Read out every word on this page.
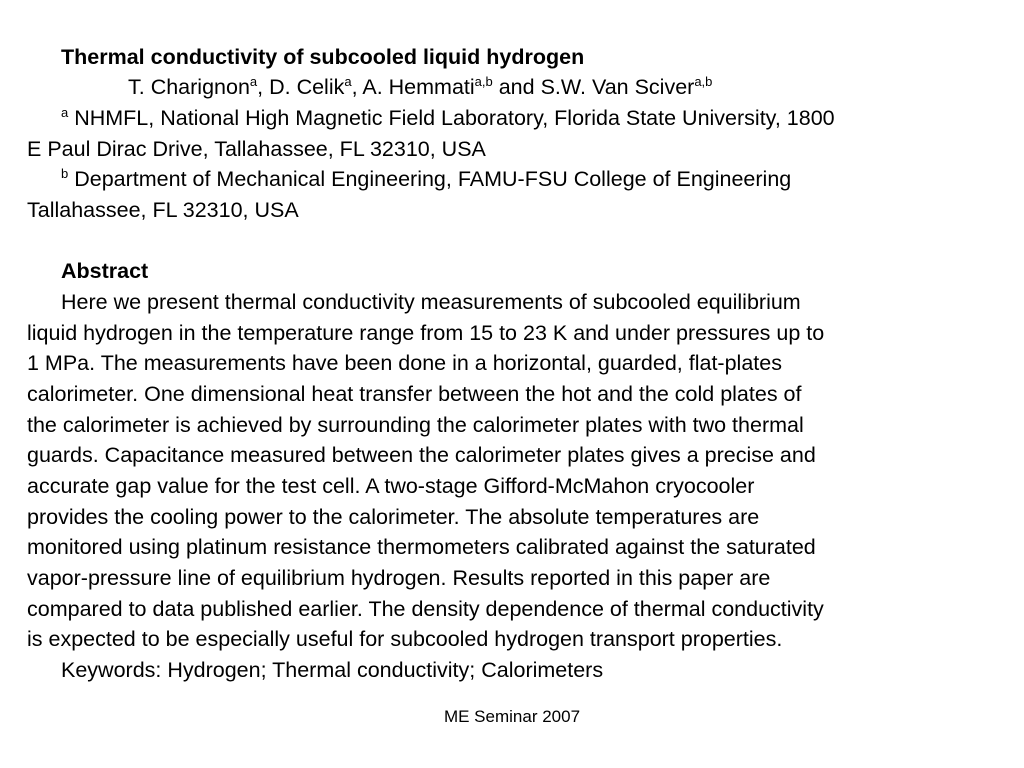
Thermal conductivity of subcooled liquid hydrogen
T. Charignon$^a$, D. Celik$^a$, A. Hemmati$^{a,b}$ and S.W. Van Sciver$^{a,b}$
$^a$ NHMFL, National High Magnetic Field Laboratory, Florida State University, 1800
E Paul Dirac Drive, Tallahassee, FL 32310, USA
$^b$ Department of Mechanical Engineering, FAMU-FSU College of Engineering
Tallahassee, FL 32310, USA
Abstract
Here we present thermal conductivity measurements of subcooled equilibrium
liquid hydrogen in the temperature range from 15 to 23 K and under pressures up to
1 MPa. The measurements have been done in a horizontal, guarded, flat-plates
calorimeter. One dimensional heat transfer between the hot and the cold plates of
the calorimeter is achieved by surrounding the calorimeter plates with two thermal
guards. Capacitance measured between the calorimeter plates gives a precise and
accurate gap value for the test cell. A two-stage Gifford-McMahon cryocooler
provides the cooling power to the calorimeter. The absolute temperatures are
monitored using platinum resistance thermometers calibrated against the saturated
vapor-pressure line of equilibrium hydrogen. Results reported in this paper are
compared to data published earlier. The density dependence of thermal conductivity
is expected to be especially useful for subcooled hydrogen transport properties.
Keywords: Hydrogen; Thermal conductivity; Calorimeters
ME Seminar 2007
